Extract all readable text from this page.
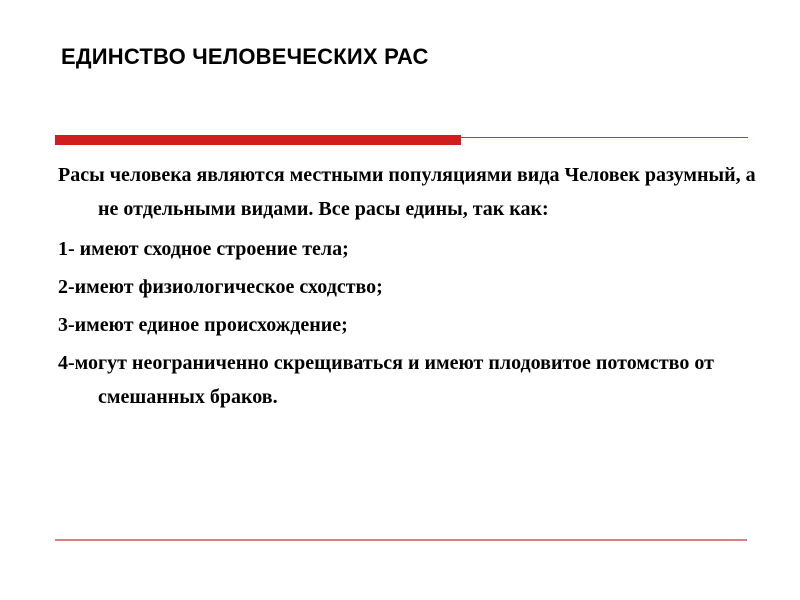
ЕДИНСТВО ЧЕЛОВЕЧЕСКИХ РАС
Расы человека являются местными популяциями вида Человек разумный, а не отдельными видами. Все расы едины, так как:
1- имеют сходное строение тела;
2-имеют физиологическое сходство;
3-имеют единое происхождение;
4-могут неограниченно скрещиваться и имеют плодовитое потомство от смешанных браков.
